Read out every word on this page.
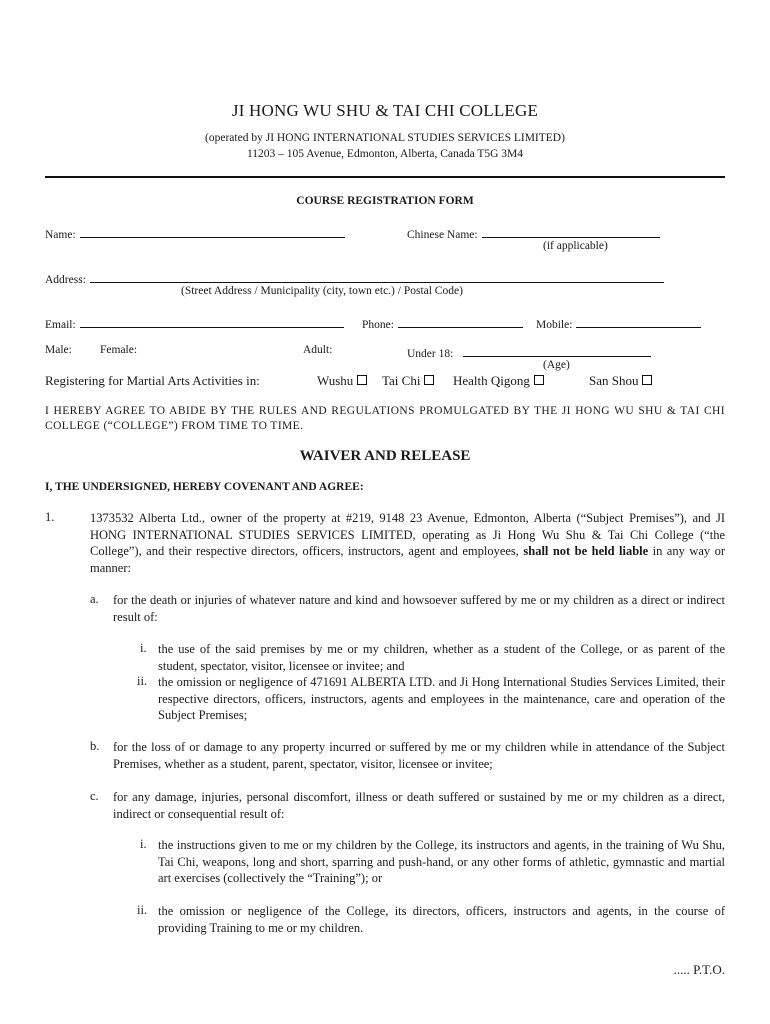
JI HONG WU SHU & TAI CHI COLLEGE
(operated by JI HONG INTERNATIONAL STUDIES SERVICES LIMITED)
11203 – 105 Avenue, Edmonton, Alberta, Canada T5G 3M4
COURSE REGISTRATION FORM
Name:	Chinese Name:
(if applicable)
Address:
(Street Address / Municipality (city, town etc.) / Postal Code)
Email:	Phone:	Mobile:
Male: Female:	Adult:	Under 18:
(Age)
Registering for Martial Arts Activities in:	Wushu	Tai Chi	Health Qigong	San Shou
I HEREBY AGREE TO ABIDE BY THE RULES AND REGULATIONS PROMULGATED BY THE JI HONG WU SHU & TAI CHI COLLEGE (“COLLEGE”) FROM TIME TO TIME.
WAIVER AND RELEASE
I, THE UNDERSIGNED, HEREBY COVENANT AND AGREE:
1.	1373532 Alberta Ltd., owner of the property at #219, 9148 23 Avenue, Edmonton, Alberta (“Subject Premises”), and JI HONG INTERNATIONAL STUDIES SERVICES LIMITED, operating as Ji Hong Wu Shu & Tai Chi College (“the College”), and their respective directors, officers, instructors, agent and employees, shall not be held liable in any way or manner:
a. for the death or injuries of whatever nature and kind and howsoever suffered by me or my children as a direct or indirect result of:
i. the use of the said premises by me or my children, whether as a student of the College, or as parent of the student, spectator, visitor, licensee or invitee; and
ii. the omission or negligence of 471691 ALBERTA LTD. and Ji Hong International Studies Services Limited, their respective directors, officers, instructors, agents and employees in the maintenance, care and operation of the Subject Premises;
b. for the loss of or damage to any property incurred or suffered by me or my children while in attendance of the Subject Premises, whether as a student, parent, spectator, visitor, licensee or invitee;
c. for any damage, injuries, personal discomfort, illness or death suffered or sustained by me or my children as a direct, indirect or consequential result of:
i. the instructions given to me or my children by the College, its instructors and agents, in the training of Wu Shu, Tai Chi, weapons, long and short, sparring and push-hand, or any other forms of athletic, gymnastic and martial art exercises (collectively the “Training”); or
ii. the omission or negligence of the College, its directors, officers, instructors and agents, in the course of providing Training to me or my children.
..... P.T.O.
